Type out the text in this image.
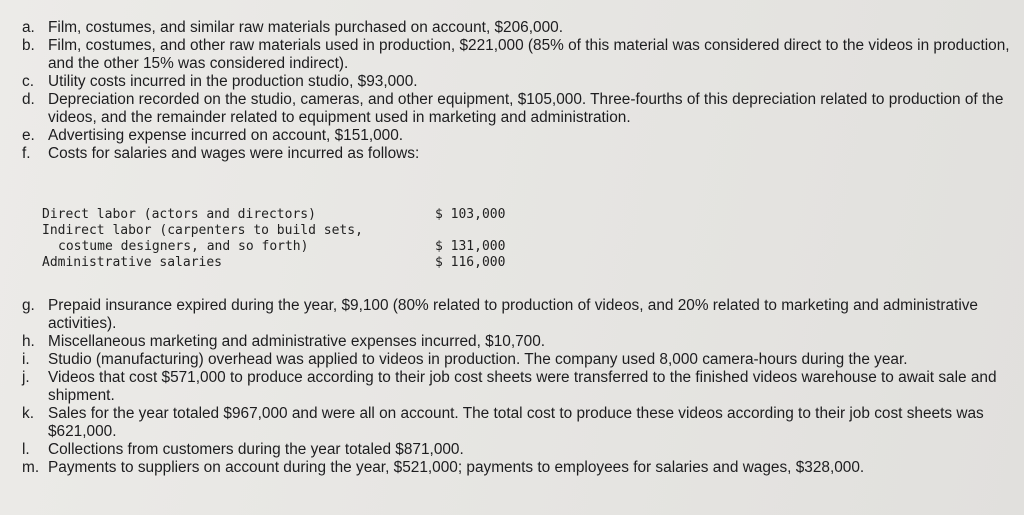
a. Film, costumes, and similar raw materials purchased on account, $206,000.
b. Film, costumes, and other raw materials used in production, $221,000 (85% of this material was considered direct to the videos in production, and the other 15% was considered indirect).
c. Utility costs incurred in the production studio, $93,000.
d. Depreciation recorded on the studio, cameras, and other equipment, $105,000. Three-fourths of this depreciation related to production of the videos, and the remainder related to equipment used in marketing and administration.
e. Advertising expense incurred on account, $151,000.
f.	Costs for salaries and wages were incurred as follows:
Direct labor (actors and directors)	$ 103,000
Indirect labor (carpenters to build sets,
costume designers, and so forth)	$ 131,000
Administrative salaries	$ 116,000
g. Prepaid insurance expired during the year, $9,100 (80% related to production of videos, and 20% related to marketing and administrative activities).
h. Miscellaneous marketing and administrative expenses incurred, $10,700.
i.	Studio (manufacturing) overhead was applied to videos in production. The company used 8,000 camera-hours during the year.
j.	Videos that cost $571,000 to produce according to their job cost sheets were transferred to the finished videos warehouse to await sale and shipment.
k. Sales for the year totaled $967,000 and were all on account. The total cost to produce these videos according to their job cost sheets was $621,000.
l.	Collections from customers during the year totaled $871,000.
m. Payments to suppliers on account during the year, $521,000; payments to employees for salaries and wages, $328,000.
